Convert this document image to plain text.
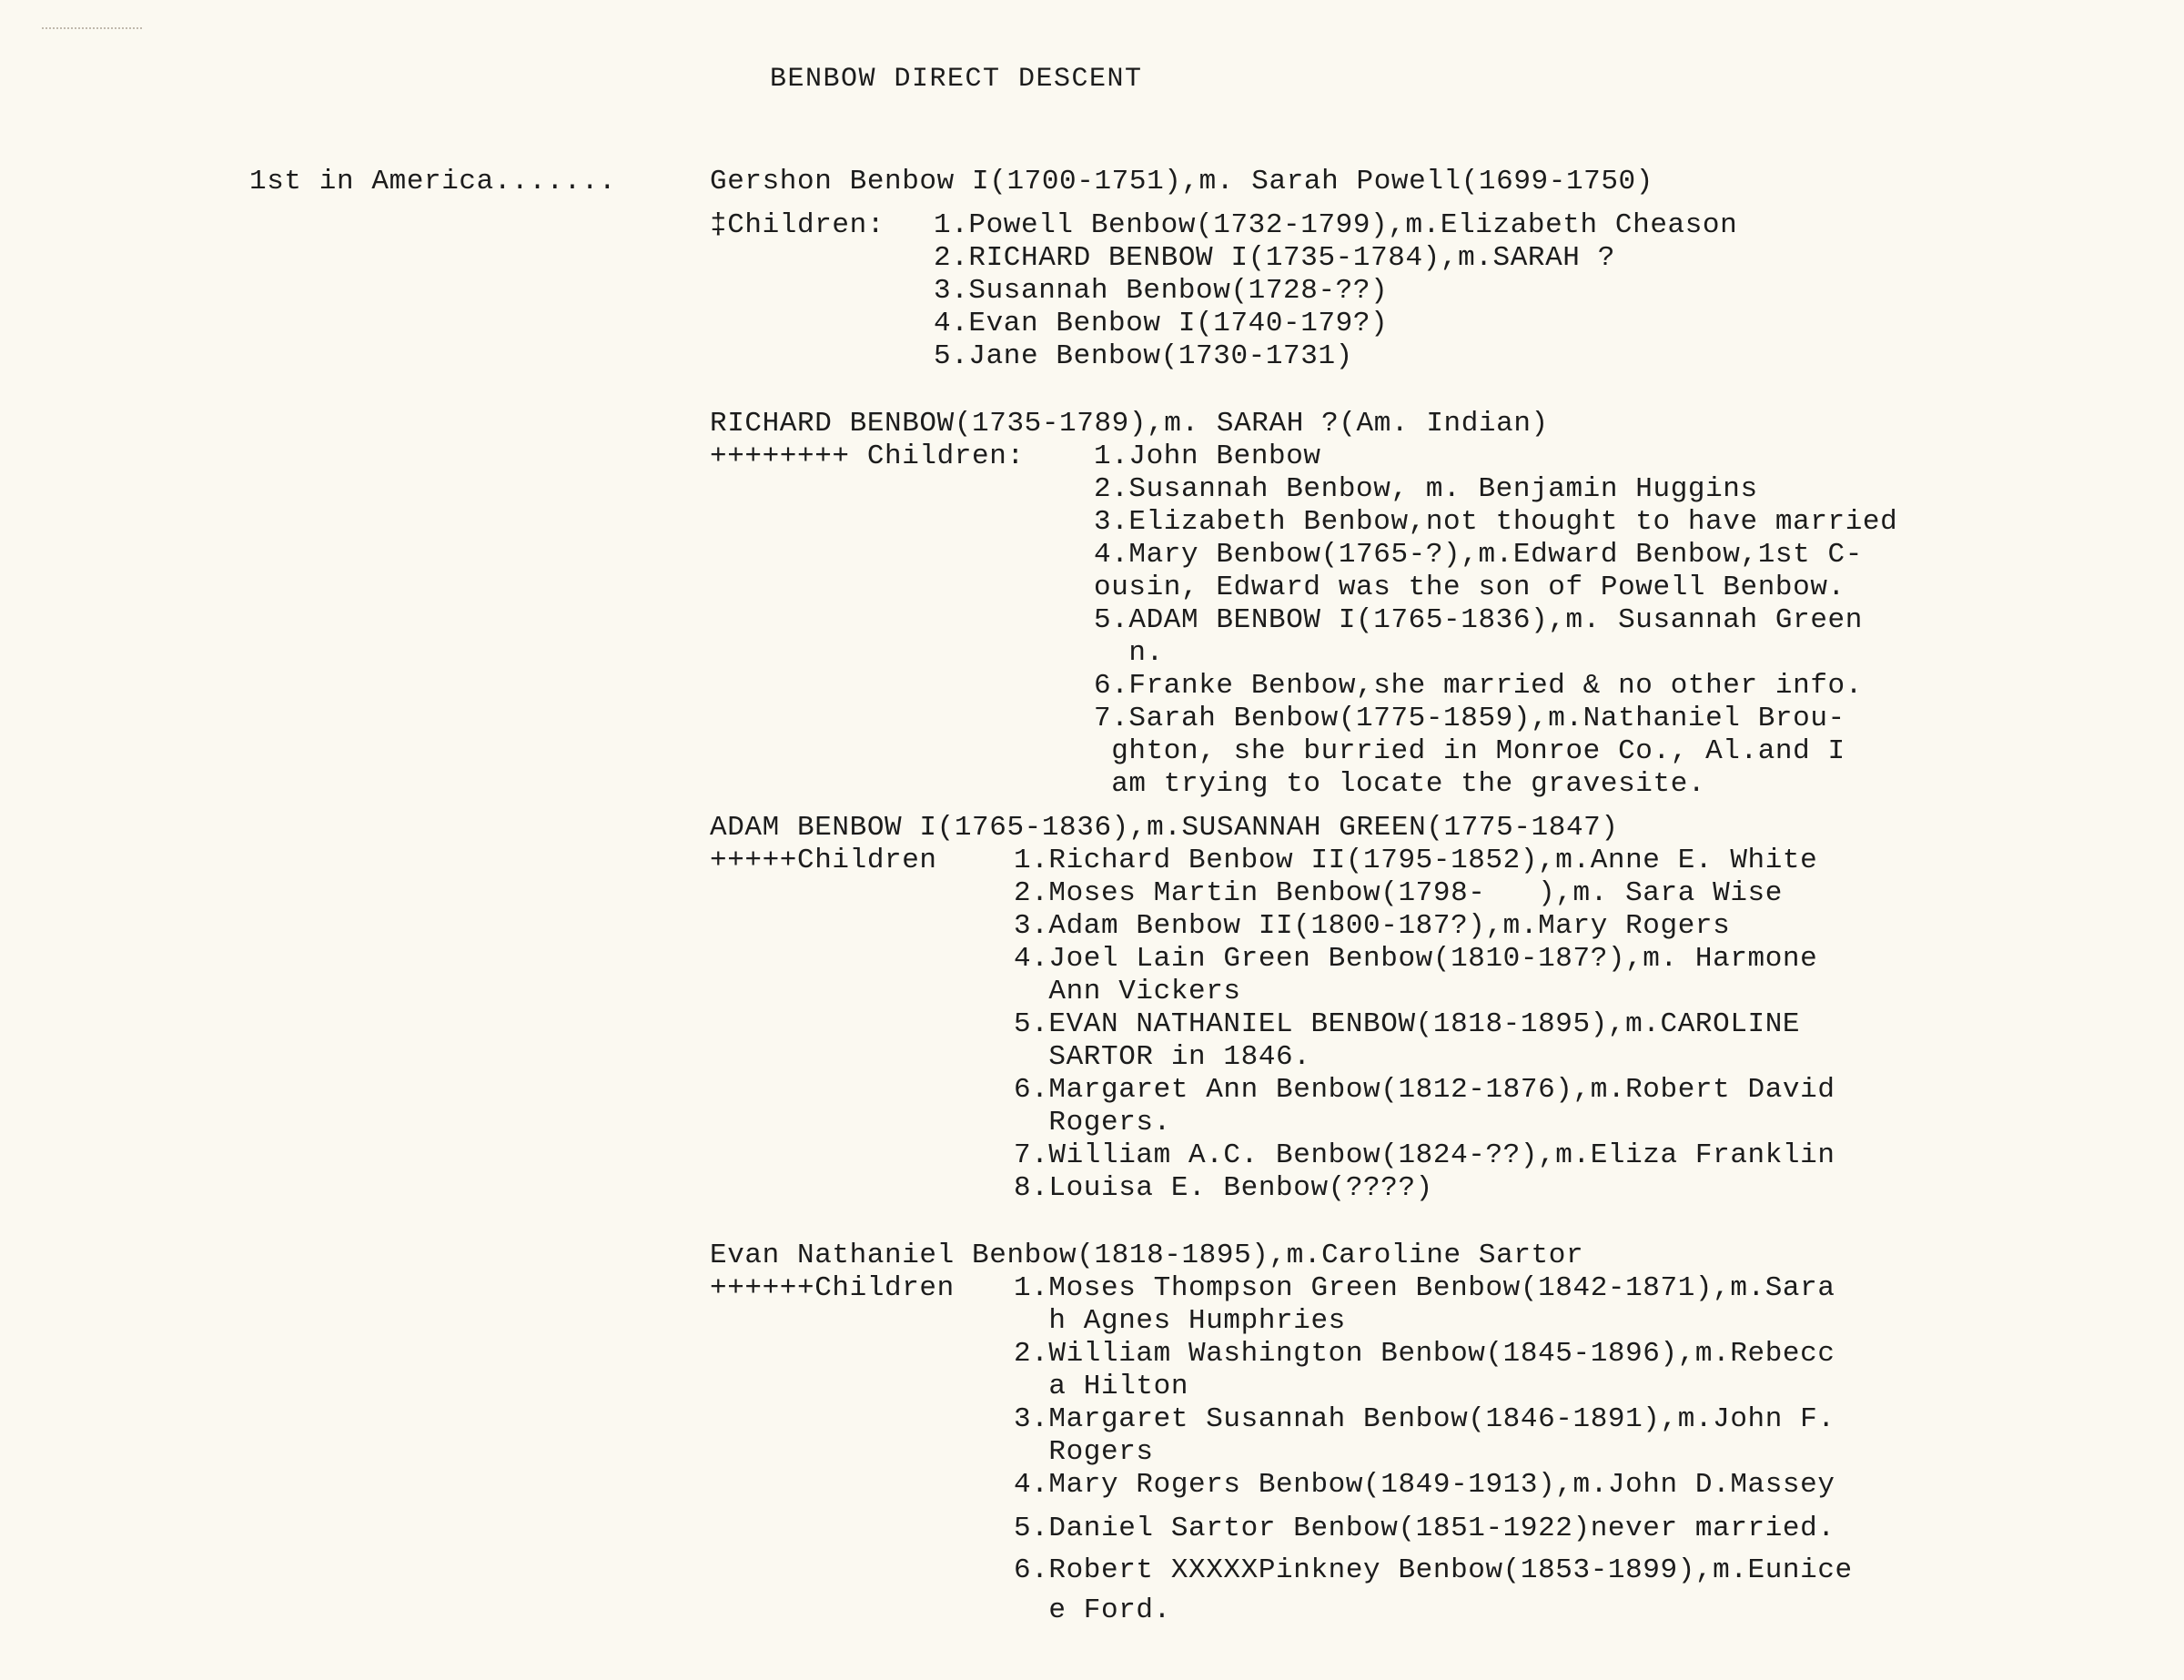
BENBOW DIRECT DESCENT
1st in America.......	Gershon Benbow I(1700-1751),m. Sarah Powell(1699-1750)
‡Children: 1.Powell Benbow(1732-1799),m.Elizabeth Cheason
2.RICHARD BENBOW I(1735-1784),m.SARAH ?
3.Susannah Benbow(1728-??)
4.Evan Benbow I(1740-179?)
5.Jane Benbow(1730-1731)
RICHARD BENBOW(1735-1789),m. SARAH ?(Am. Indian)
++++++++ Children: 1.John Benbow
2.Susannah Benbow, m. Benjamin Huggins
3.Elizabeth Benbow,not thought to have married
4.Mary Benbow(1765-?),m.Edward Benbow,1st C-
ousin, Edward was the son of Powell Benbow.
5.ADAM BENBOW I(1765-1836),m. Susannah Green
n.
6.Franke Benbow,she married & no other info.
7.Sarah Benbow(1775-1859),m.Nathaniel Brou-
ghton, she burried in Monroe Co., Al.and I
am trying to locate the gravesite.
ADAM BENBOW I(1765-1836),m.SUSANNAH GREEN(1775-1847)
+++++Children	1.Richard Benbow II(1795-1852),m.Anne E. White
2.Moses Martin Benbow(1798-   ),m. Sara Wise
3.Adam Benbow II(1800-187?),m.Mary Rogers
4.Joel Lain Green Benbow(1810-187?),m. Harmone
Ann Vickers
5.EVAN NATHANIEL BENBOW(1818-1895),m.CAROLINE
SARTOR in 1846.
6.Margaret Ann Benbow(1812-1876),m.Robert David
Rogers.
7.William A.C. Benbow(1824-??),m.Eliza Franklin
8.Louisa E. Benbow(????)
Evan Nathaniel Benbow(1818-1895),m.Caroline Sartor
++++++Children 1.Moses Thompson Green Benbow(1842-1871),m.Sara
h Agnes Humphries
2.William Washington Benbow(1845-1896),m.Rebecc
a Hilton
3.Margaret Susannah Benbow(1846-1891),m.John F.
Rogers
4.Mary Rogers Benbow(1849-1913),m.John D.Massey
5.Daniel Sartor Benbow(1851-1922)never married.
6.Robert XXXXXPinkney Benbow(1853-1899),m.Eunice
e Ford.
